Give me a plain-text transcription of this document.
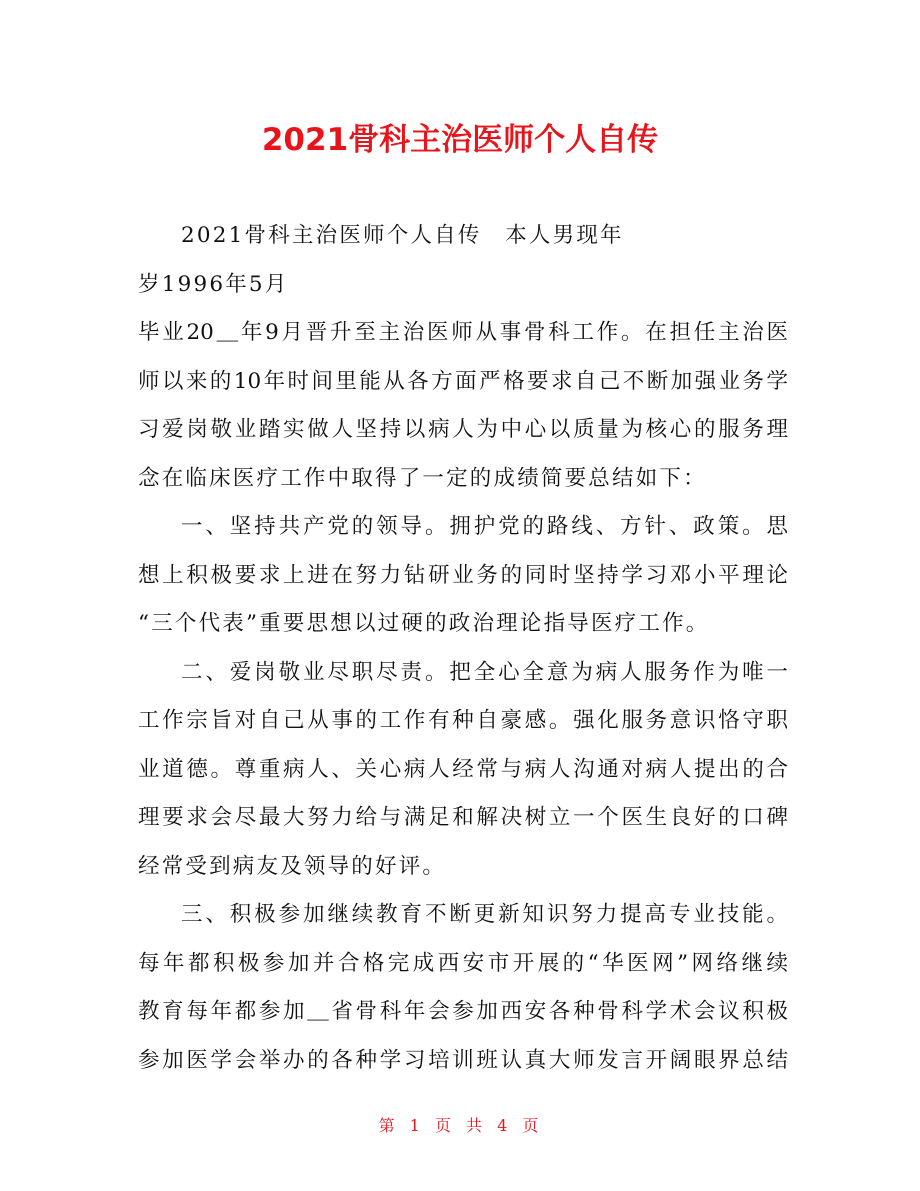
2021骨科主治医师个人自传
2021骨科主治医师个人自传　本人男现年
岁1996年5月
毕业20＿年9月晋升至主治医师从事骨科工作。在担任主治医
师以来的10年时间里能从各方面严格要求自己不断加强业务学
习爱岗敬业踏实做人坚持以病人为中心以质量为核心的服务理
念在临床医疗工作中取得了一定的成绩简要总结如下：
一、坚持共产党的领导。拥护党的路线、方针、政策。思
想上积极要求上进在努力钻研业务的同时坚持学习邓小平理论
“三个代表”重要思想以过硬的政治理论指导医疗工作。
二、爱岗敬业尽职尽责。把全心全意为病人服务作为唯一
工作宗旨对自己从事的工作有种自豪感。强化服务意识恪守职
业道德。尊重病人、关心病人经常与病人沟通对病人提出的合
理要求会尽最大努力给与满足和解决树立一个医生良好的口碑
经常受到病友及领导的好评。
三、积极参加继续教育不断更新知识努力提高专业技能。
每年都积极参加并合格完成西安市开展的“华医网”网络继续
教育每年都参加＿省骨科年会参加西安各种骨科学术会议积极
参加医学会举办的各种学习培训班认真大师发言开阔眼界总结
第 1 页 共 4 页
